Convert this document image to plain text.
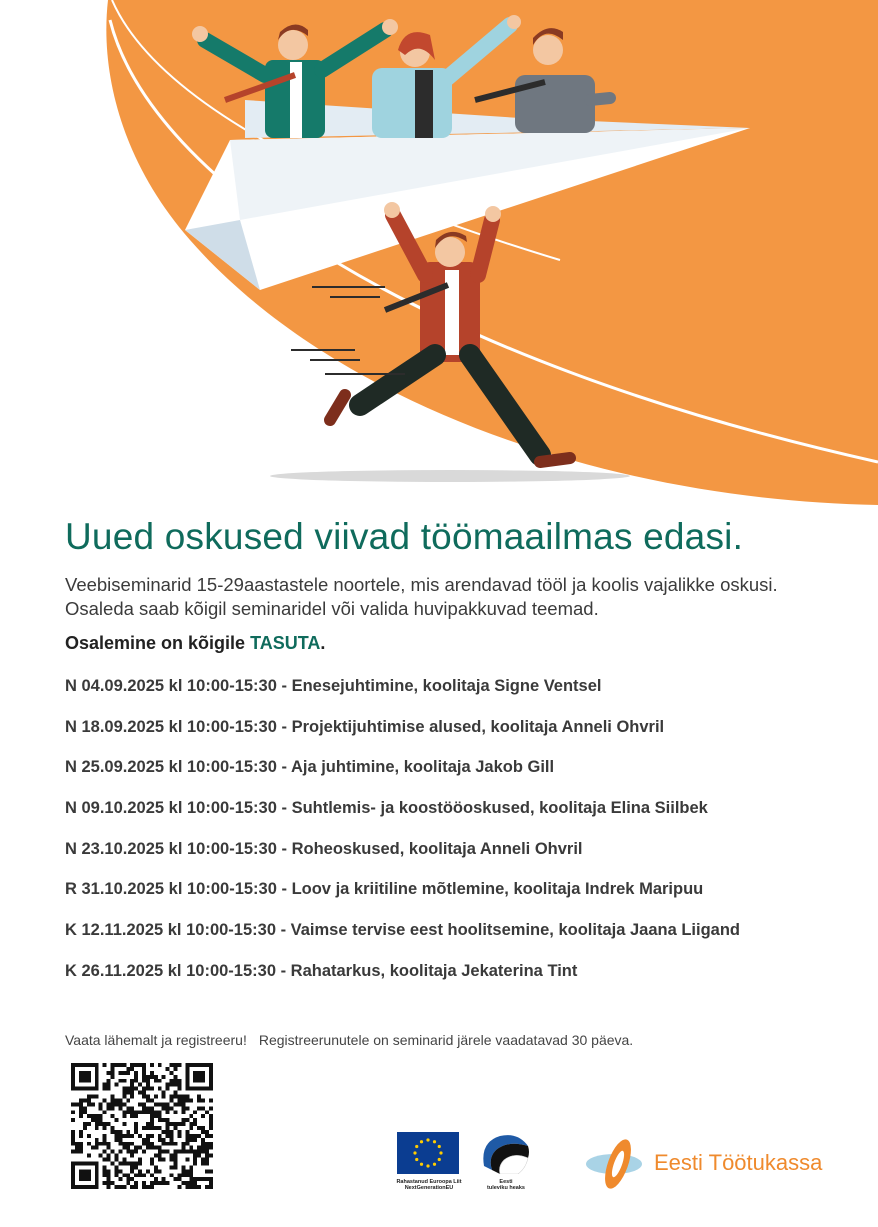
Uued oskused viivad töömaailmas edasi.
Veebiseminarid 15-29aastastele noortele, mis arendavad tööl ja koolis vajalikke oskusi.
Osaleda saab kõigil seminaridel või valida huvipakkuvad teemad.
Osalemine on kõigile TASUTA.
N 04.09.2025 kl 10:00-15:30 - Enesejuhtimine, koolitaja Signe Ventsel
N 18.09.2025 kl 10:00-15:30 - Projektijuhtimise alused, koolitaja Anneli Ohvril
N 25.09.2025 kl 10:00-15:30 - Aja juhtimine, koolitaja Jakob Gill
N 09.10.2025 kl 10:00-15:30 - Suhtlemis- ja koostööoskused, koolitaja Elina Siilbek
N 23.10.2025 kl 10:00-15:30 - Roheoskused, koolitaja Anneli Ohvril
R 31.10.2025 kl 10:00-15:30 - Loov ja kriitiline mõtlemine, koolitaja Indrek Maripuu
K 12.11.2025 kl 10:00-15:30 - Vaimse tervise eest hoolitsemine, koolitaja Jaana Liigand
K 26.11.2025 kl 10:00-15:30 - Rahatarkus, koolitaja Jekaterina Tint
Vaata lähemalt ja registreeru! Registreerunutele on seminarid järele vaadatavad 30 päeva.
Rahastanud Euroopa Liit
NextGenerationEU
Eesti
tuleviku heaks
Eesti Töötukassa
